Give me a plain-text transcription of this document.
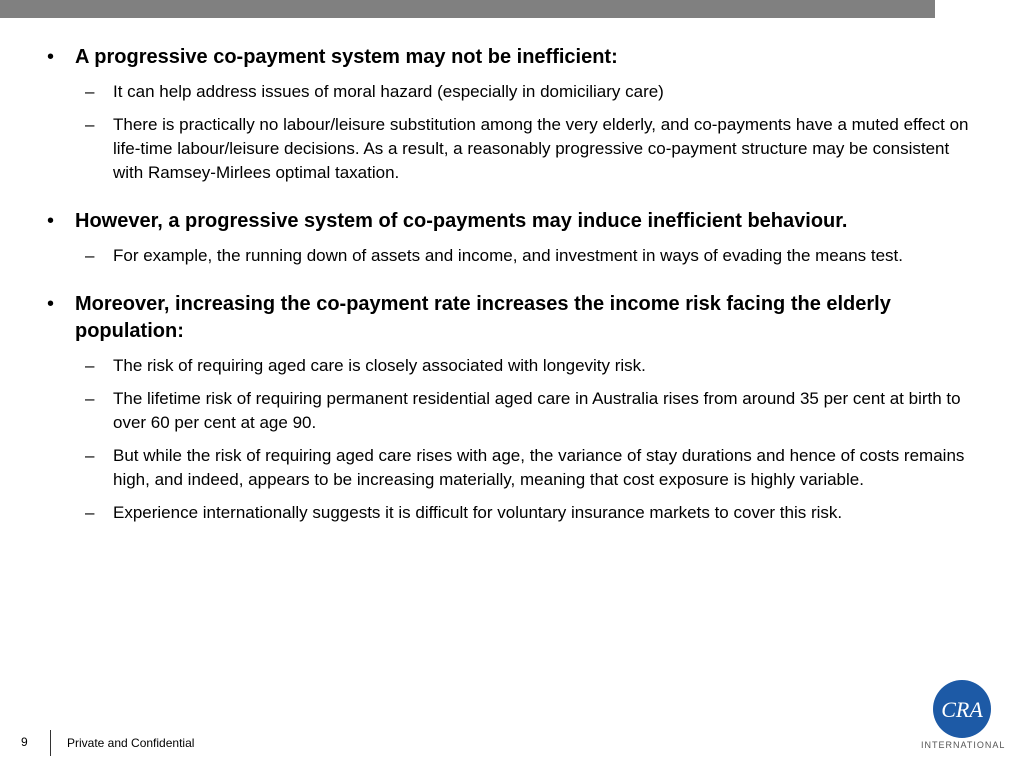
•	A progressive co-payment system may not be inefficient:
–	It can help address issues of moral hazard (especially in domiciliary care)
–	There is practically no labour/leisure substitution among the very elderly, and co-payments have a muted effect on life-time labour/leisure decisions. As a result, a reasonably progressive co-payment structure may be consistent with Ramsey-Mirlees optimal taxation.
•	However, a progressive system of co-payments may induce inefficient behaviour.
–	For example, the running down of assets and income, and investment in ways of evading the means test.
•	Moreover, increasing the co-payment rate increases the income risk facing the elderly population:
–	The risk of requiring aged care is closely associated with longevity risk.
–	The lifetime risk of requiring permanent residential aged care in Australia rises from around 35 per cent at birth to over 60 per cent at age 90.
–	But while the risk of requiring aged care rises with age, the variance of stay durations and hence of costs remains high, and indeed, appears to be increasing materially, meaning that cost exposure is highly variable.
–	Experience internationally suggests it is difficult for voluntary insurance markets to cover this risk.
9	Private and Confidential
CRA
INTERNATIONAL
